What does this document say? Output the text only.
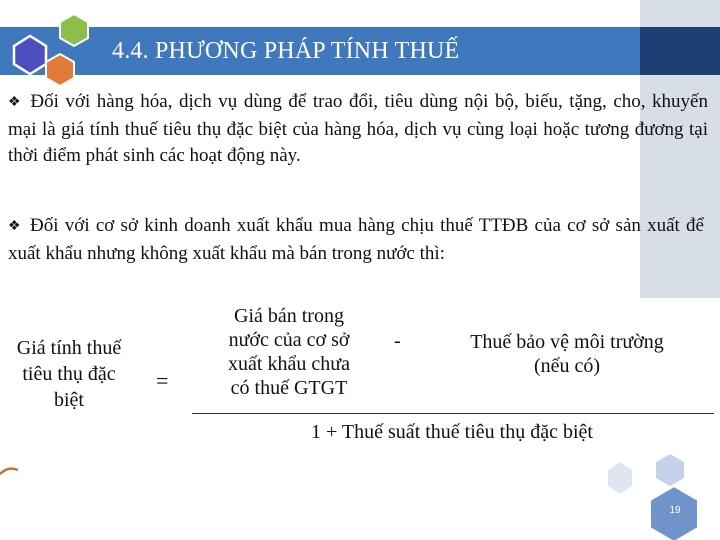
4.4. PHƯƠNG PHÁP TÍNH THUẾ
❖ Đối với hàng hóa, dịch vụ dùng để trao đổi, tiêu dùng nội bộ, biếu, tặng, cho, khuyến mại là giá tính thuế tiêu thụ đặc biệt của hàng hóa, dịch vụ cùng loại hoặc tương đương tại thời điểm phát sinh các hoạt động này.
❖ Đối với cơ sở kinh doanh xuất khẩu mua hàng chịu thuế TTĐB của cơ sở sản xuất để xuất khẩu nhưng không xuất khẩu mà bán trong nước thì:
Giá tính thuế
tiêu thụ đặc
biệt
=
Giá bán trong
nước của cơ sở
xuất khẩu chưa
có thuế GTGT
-	Thuế bảo vệ môi trường
(nếu có)
1 + Thuế suất thuế tiêu thụ đặc biệt
19
